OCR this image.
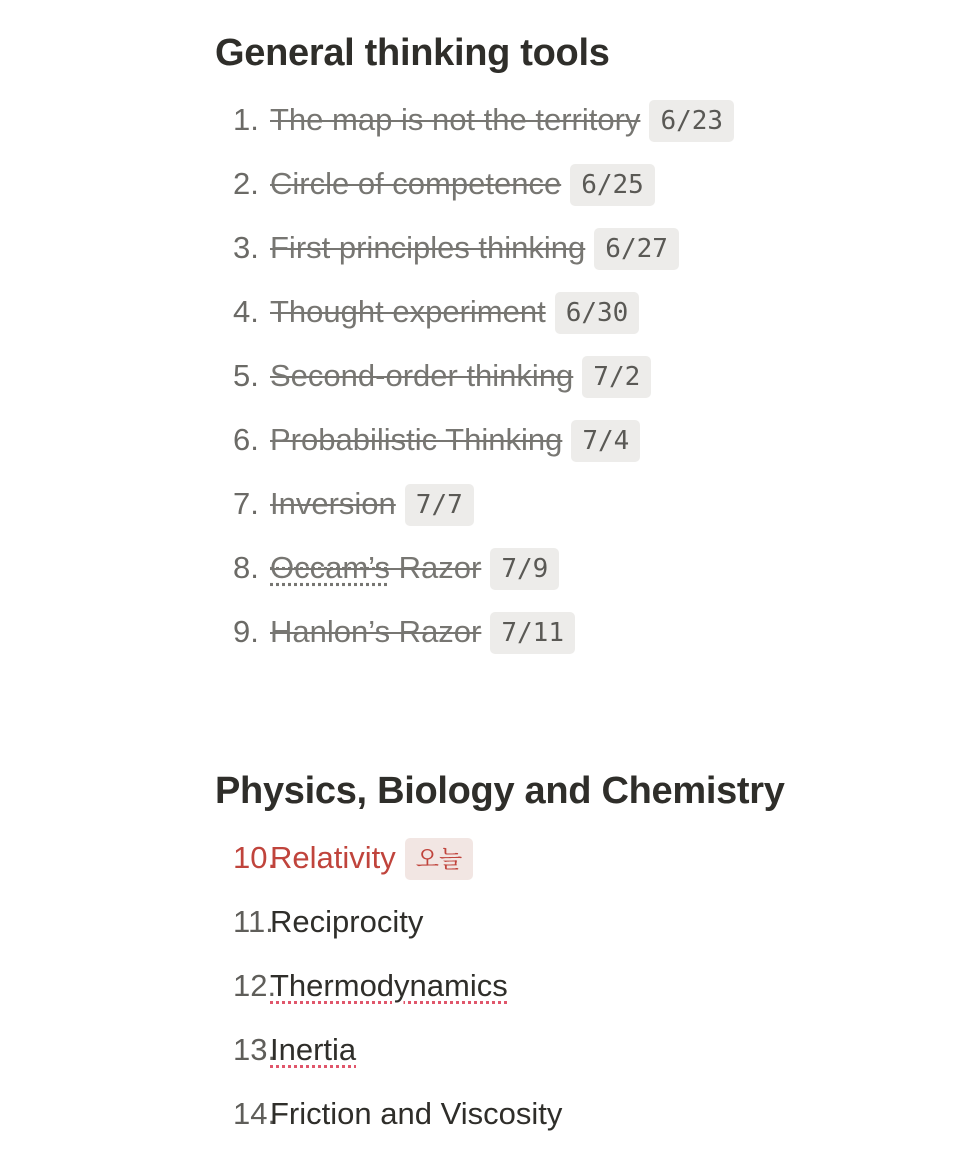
General thinking tools
1. The map is not the territory 6/23
2. Circle of competence 6/25
3. First principles thinking 6/27
4. Thought experiment 6/30
5. Second-order thinking 7/2
6. Probabilistic Thinking 7/4
7. Inversion 7/7
8. Occam’s Razor 7/9
9. Hanlon’s Razor 7/11
Physics, Biology and Chemistry
10.
Relativity 오늘
11.
Reciprocity
12.
Thermodynamics
13.
Inertia
14.
Friction and Viscosity
